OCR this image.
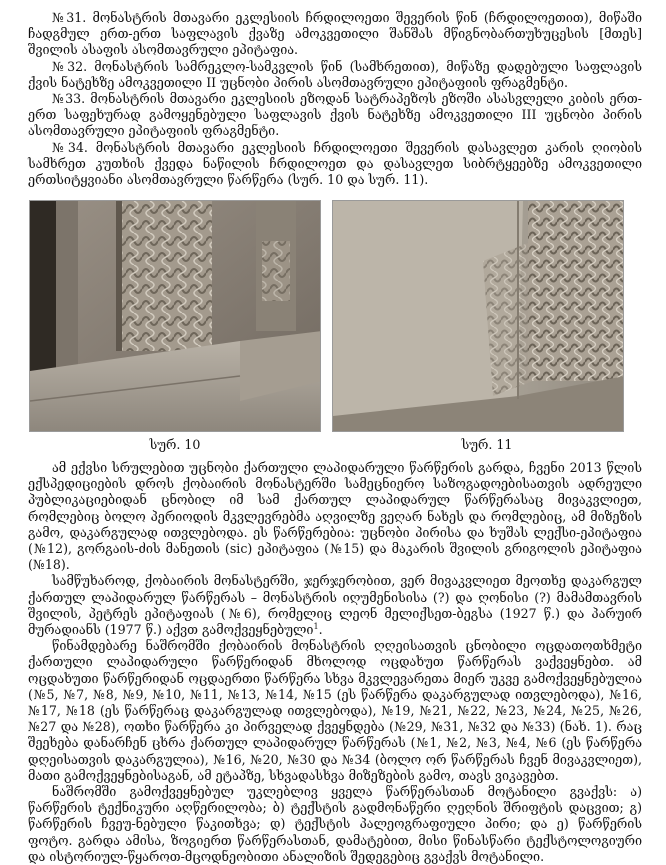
№31. მონასტრის მთავარი ეკლესიის ჩრდილოეთი შევერის წინ (ჩრდილოეთით), მიწაში ჩადგმულ ერთ-ერთ საფლავის ქვაზე ამოკვეთილი შანშას მწიგნობართუხუცესის [მთეს] შვილის ასაფის ასომთავრული ეპიტაფია.

№32. მონასტრის სამრეკლო-სამკვლის წინ (სამხრეთით), მიწაზე დადებული საფლავის ქვის ნატეხზე ამოკვეთილი II უცნობი პირის ასომთავრული ეპიტაფიის ფრაგმენტი.

№33. მონასტრის მთავარი ეკლესიის ეზოდან სატრაპეზოს ეზოში ასასვლელი კიბის ერთ-ერთ საფეხურად გამოყენებული საფლავის ქვის ნატეხზე ამოკვეთილი III უცნობი პირის ასომთავრული ეპიტაფიის ფრაგმენტი.

№34. მონასტრის მთავარი ეკლესიის ჩრდილოეთი შევერის დასავლეთ კარის ღიობის სამხრეთ კუთხის ქვედა ნაწილის ჩრდილოეთ და დასავლეთ სიბრტყეებზე ამოკვეთილი ერთსიტყვიანი ასომთავრული წარწერა (სურ. 10 და სურ. 11).

სურ. 10	სურ. 11

ამ ექვსი სრულებით უცნობი ქართული ლაპიდარული წარწერის გარდა, ჩვენი 2013 წლის ექსპედიციების დროს ქობაირის მონასტერში სამეცნიერო საზოგადოებისათვის ადრეული პუბლიკაციებიდან ცნობილ იმ სამ ქართულ ლაპიდარულ წარწერასაც მივაკვლიეთ, რომლებიც ბოლო პერიოდის მკვლევრებმა აღვილზე ვეღარ ნახეს და რომლებიც, ამ მიზეზის გამო, დაკარგულად ითვლებოდა. ეს წარწერებია: უცნობი პირისა და ხუშას ლექსი-ეპიტაფია (№12), გორგაის-ძის მანეთის (sic) ეპიტაფია (№15) და მაკარის შვილის გრიგოლის ეპიტაფია (№18).

სამწუხაროდ, ქობაირის მონასტერში, ჯერჯერობით, ვერ მივაკვლიეთ მეოთხე დაკარგულ ქართულ ლაპიდარულ წარწერას – მონასტრის იღუმენისისა (?) და ღონისი (?) მამამთავრის შვილის, პეტრეს ეპიტაფიას (№6), რომელიც ლეონ მელიქსეთ-ბეგსა (1927 წ.) და პარუირ მურადიანს (1977 წ.) აქვთ გამოქვეყნებული$^1$.

წინამდებარე ნაშრომში ქობაირის მონასტრის ღღეისათვის ცნობილი ოცდათოთხმეტი ქართული ლაპიდარული წარწერიდან მხოლოდ ოცდახუთ წარწერას ვაქვეყნებთ. ამ ოცდახუთი წარწერიდან ოცდაერთი წარწერა სხვა მკვლევარეთა მიერ უკვე გამოქვეყნებულია (№5, №7, №8, №9, №10, №11, №13, №14, №15 (ეს წარწერა დაკარგულად ითვლებოდა), №16, №17, №18 (ეს წარწერაც დაკარგულად ითვლებოდა), №19, №21, №22, №23, №24, №25, №26, №27 და №28), ოთხი წარწერა კი პირველად ქვეყნდება (№29, №31, №32 და №33) (ნახ. 1). რაც შეეხება დანარჩენ ცხრა ქართულ ლაპიდარულ წარწერას (№1, №2, №3, №4, №6 (ეს წარწერა დღეისათვის დაკარგულია), №16, №20, №30 და №34 (ბოლო ორ წარწერას ჩვენ მივაკვლიეთ), მათი გამოქვეყნებისაგან, ამ ეტაპზე, სხვადასხვა მიზეზების გამო, თავს ვიკავებთ.

ნაშრომში გამოქვეყნებულ უკლებლივ ყველა წარწერასთან მოტანილი გვაქვს: ა) წარწერის ტექნიკური აღწერილობა; ბ) ტექსტის გადმონაწერი ღეღნის შრიფტის დაცვით; გ) წარწერის ჩვეუ-ნებული წაკითხვა; დ) ტექსტის პალეოგრაფიული პირი; და ე) წარწერის ფოტო. გარდა ამისა, ზოგიერთ წარწერასთან, დამატებით, მისი წინასწარი ტექსტოლოგიური და ისტორიულ-წყაროთ-მცოდნეობითი ანალიზის შედეგებიც გვაქვს მოტანილი.
